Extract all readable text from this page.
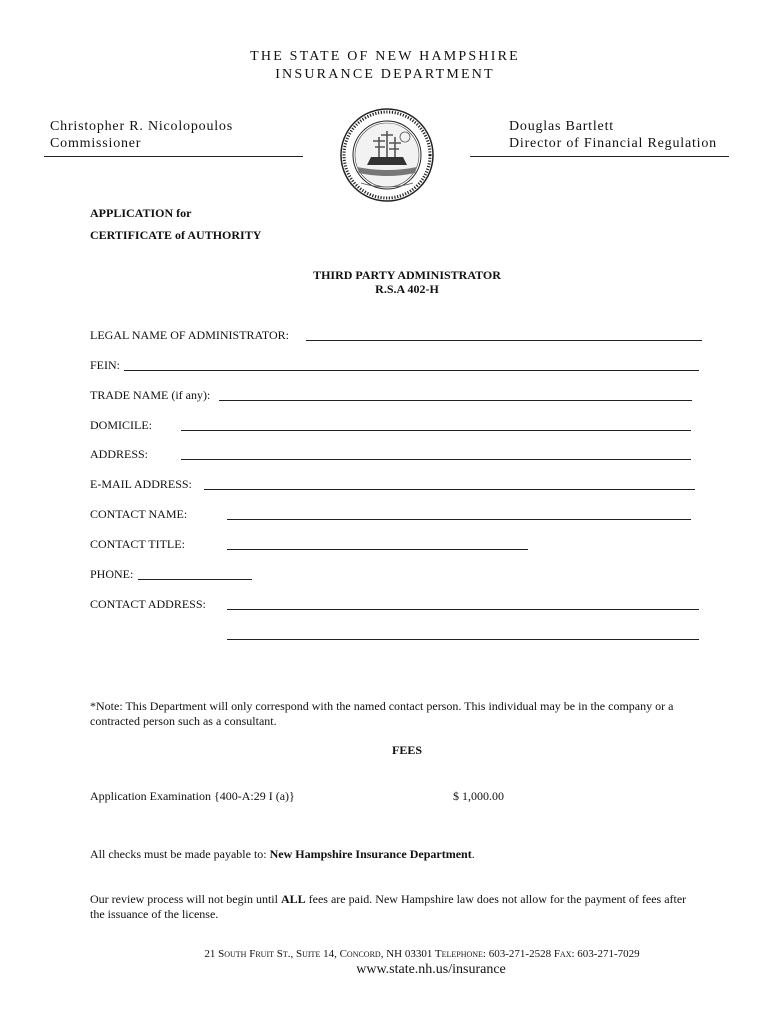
THE STATE OF NEW HAMPSHIRE
INSURANCE DEPARTMENT
Christopher R. Nicolopoulos
Commissioner
Douglas Bartlett
Director of Financial Regulation
APPLICATION for
CERTIFICATE of AUTHORITY
THIRD PARTY ADMINISTRATOR
R.S.A 402-H
LEGAL NAME OF ADMINISTRATOR:
FEIN:
TRADE NAME (if any):
DOMICILE:
ADDRESS:
E-MAIL ADDRESS:
CONTACT NAME:
CONTACT TITLE:
PHONE:
CONTACT ADDRESS:
*Note: This Department will only correspond with the named contact person. This individual may be in the company or a
contracted person such as a consultant.
FEES
Application Examination {400-A:29 I (a)}	$ 1,000.00
All checks must be made payable to: New Hampshire Insurance Department.
Our review process will not begin until ALL fees are paid. New Hampshire law does not allow for the payment of fees after
the issuance of the license.
21 South Fruit St., Suite 14, Concord, NH 03301 Telephone: 603-271-2528 Fax: 603-271-7029
www.state.nh.us/insurance
